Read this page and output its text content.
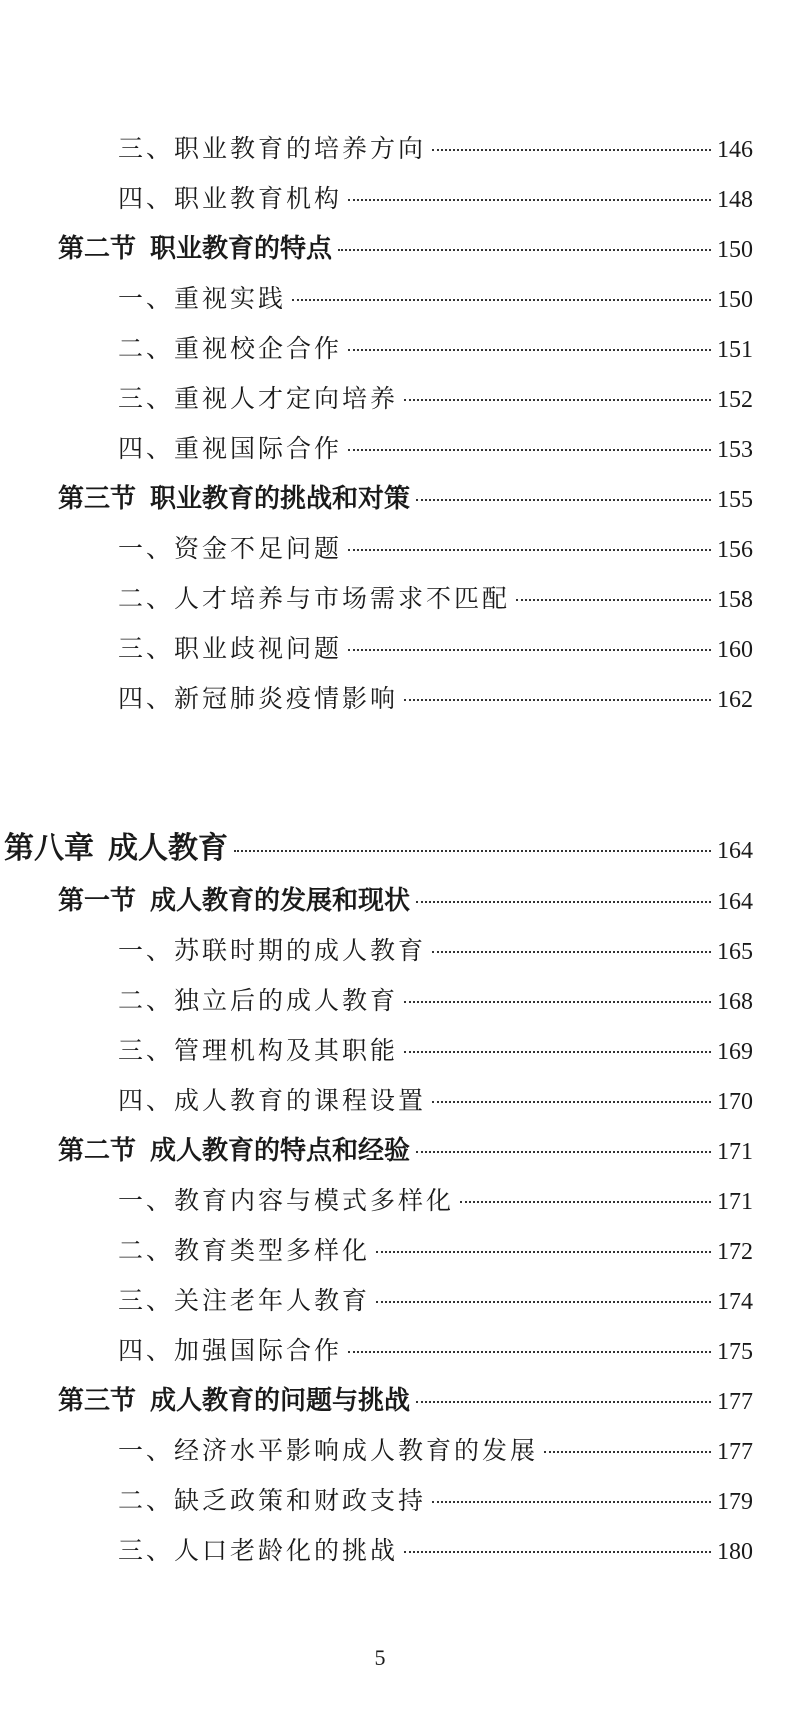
三、职业教育的培养方向	146
四、职业教育机构	148
第二节 职业教育的特点	150
一、重视实践	150
二、重视校企合作	151
三、重视人才定向培养	152
四、重视国际合作	153
第三节 职业教育的挑战和对策	155
一、资金不足问题	156
二、人才培养与市场需求不匹配	158
三、职业歧视问题	160
四、新冠肺炎疫情影响	162
第八章 成人教育	164
第一节 成人教育的发展和现状	164
一、苏联时期的成人教育	165
二、独立后的成人教育	168
三、管理机构及其职能	169
四、成人教育的课程设置	170
第二节 成人教育的特点和经验	171
一、教育内容与模式多样化	171
二、教育类型多样化	172
三、关注老年人教育	174
四、加强国际合作	175
第三节 成人教育的问题与挑战	177
一、经济水平影响成人教育的发展	177
二、缺乏政策和财政支持	179
三、人口老龄化的挑战	180
5
